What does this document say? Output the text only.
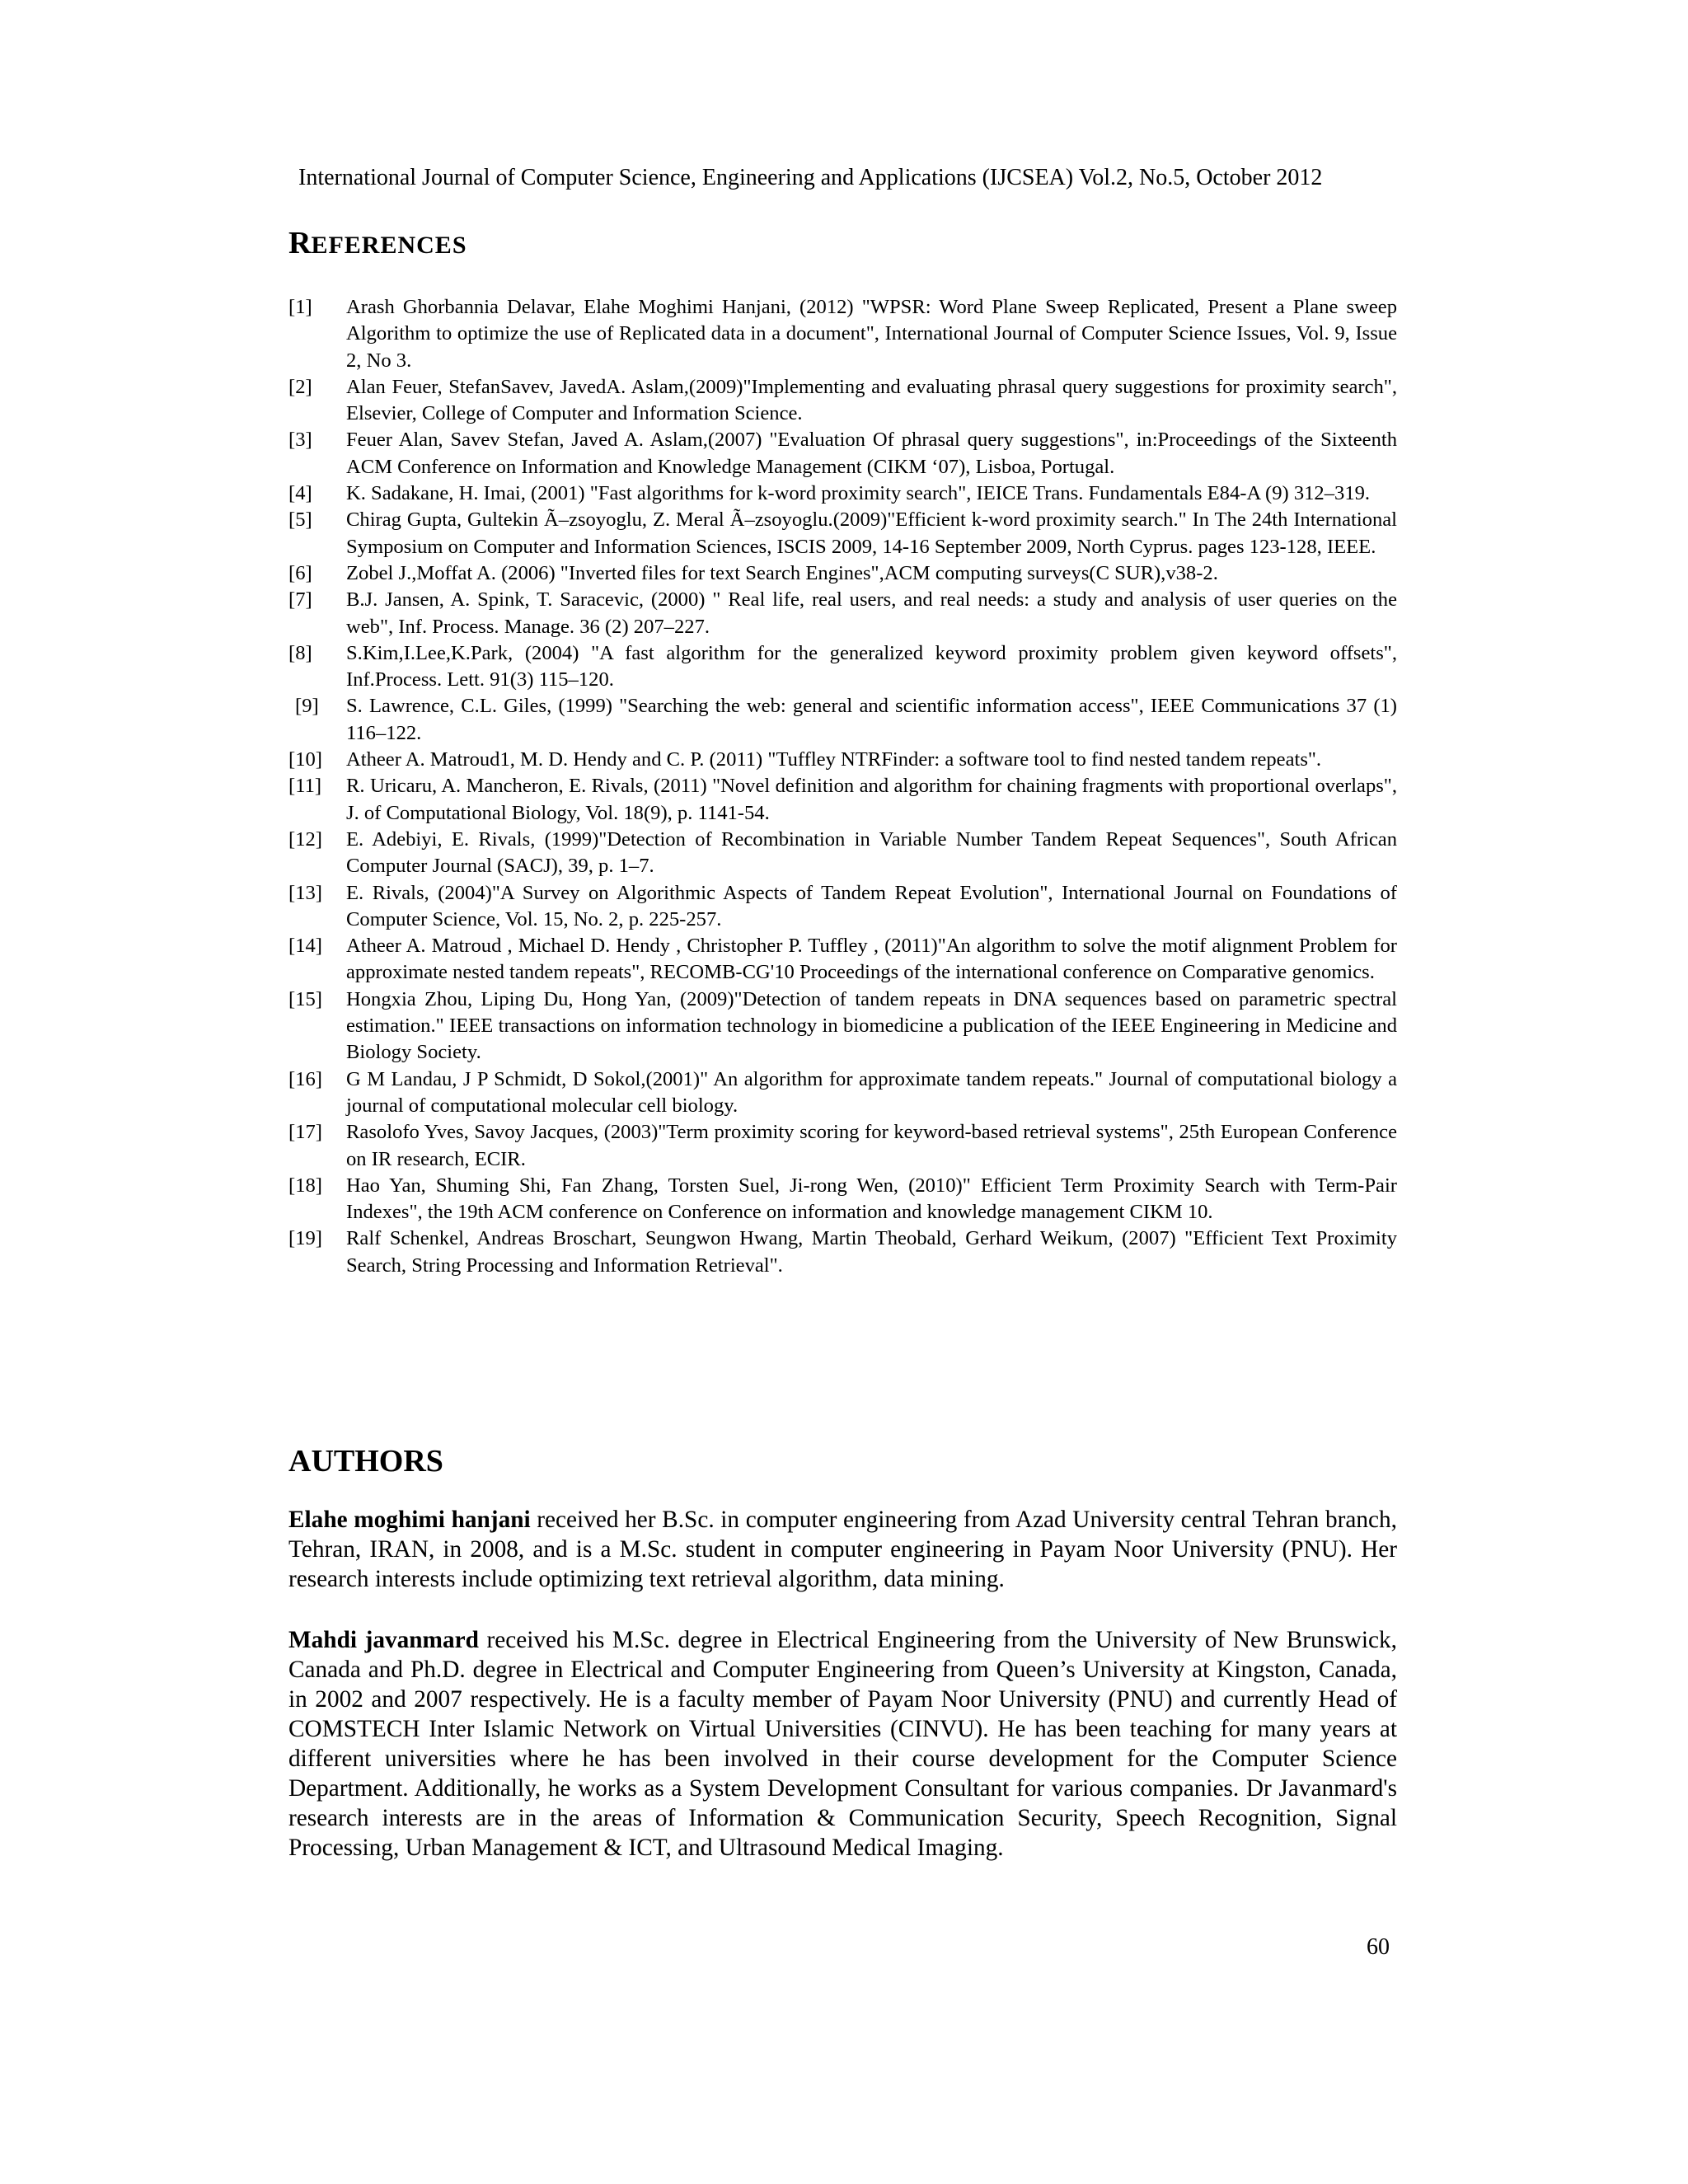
International Journal of Computer Science, Engineering and Applications (IJCSEA) Vol.2, No.5, October 2012
REFERENCES
[1] Arash Ghorbannia Delavar, Elahe Moghimi Hanjani, (2012) "WPSR: Word Plane Sweep Replicated, Present a Plane sweep Algorithm to optimize the use of Replicated data in a document", International Journal of Computer Science Issues, Vol. 9, Issue 2, No 3.
[2] Alan Feuer, StefanSavev, JavedA. Aslam,(2009)"Implementing and evaluating phrasal query suggestions for proximity search", Elsevier, College of Computer and Information Science.
[3] Feuer Alan, Savev Stefan, Javed A. Aslam,(2007) "Evaluation Of phrasal query suggestions", in:Proceedings of the Sixteenth ACM Conference on Information and Knowledge Management (CIKM ‘07), Lisboa, Portugal.
[4] K. Sadakane, H. Imai, (2001) "Fast algorithms for k-word proximity search", IEICE Trans. Fundamentals E84-A (9) 312–319.
[5] Chirag Gupta, Gultekin Ã–zsoyoglu, Z. Meral Ã–zsoyoglu.(2009)"Efficient k-word proximity search." In The 24th International Symposium on Computer and Information Sciences, ISCIS 2009, 14-16 September 2009, North Cyprus. pages 123-128, IEEE.
[6] Zobel J.,Moffat A. (2006) "Inverted files for text Search Engines",ACM computing surveys(C SUR),v38-2.
[7] B.J. Jansen, A. Spink, T. Saracevic, (2000) " Real life, real users, and real needs: a study and analysis of user queries on the web", Inf. Process. Manage. 36 (2) 207–227.
[8] S.Kim,I.Lee,K.Park, (2004) "A fast algorithm for the generalized keyword proximity problem given keyword offsets", Inf.Process. Lett. 91(3) 115–120.
[9] S. Lawrence, C.L. Giles, (1999) "Searching the web: general and scientific information access", IEEE Communications 37 (1) 116–122.
[10] Atheer A. Matroud1, M. D. Hendy and C. P. (2011) "Tuffley NTRFinder: a software tool to find nested tandem repeats".
[11] R. Uricaru, A. Mancheron, E. Rivals, (2011) "Novel definition and algorithm for chaining fragments with proportional overlaps", J. of Computational Biology, Vol. 18(9), p. 1141-54.
[12] E. Adebiyi, E. Rivals, (1999)"Detection of Recombination in Variable Number Tandem Repeat Sequences", South African Computer Journal (SACJ), 39, p. 1–7.
[13] E. Rivals, (2004)"A Survey on Algorithmic Aspects of Tandem Repeat Evolution", International Journal on Foundations of Computer Science, Vol. 15, No. 2, p. 225-257.
[14] Atheer A. Matroud , Michael D. Hendy , Christopher P. Tuffley , (2011)"An algorithm to solve the motif alignment Problem for approximate nested tandem repeats", RECOMB-CG'10 Proceedings of the international conference on Comparative genomics.
[15] Hongxia Zhou, Liping Du, Hong Yan, (2009)"Detection of tandem repeats in DNA sequences based on parametric spectral estimation." IEEE transactions on information technology in biomedicine a publication of the IEEE Engineering in Medicine and Biology Society.
[16] G M Landau, J P Schmidt, D Sokol,(2001)" An algorithm for approximate tandem repeats." Journal of computational biology a journal of computational molecular cell biology.
[17] Rasolofo Yves, Savoy Jacques, (2003)"Term proximity scoring for keyword-based retrieval systems", 25th European Conference on IR research, ECIR.
[18] Hao Yan, Shuming Shi, Fan Zhang, Torsten Suel, Ji-rong Wen, (2010)" Efficient Term Proximity Search with Term-Pair Indexes", the 19th ACM conference on Conference on information and knowledge management CIKM 10.
[19] Ralf Schenkel, Andreas Broschart, Seungwon Hwang, Martin Theobald, Gerhard Weikum, (2007) "Efficient Text Proximity Search, String Processing and Information Retrieval".
AUTHORS

Elahe moghimi hanjani received her B.Sc. in computer engineering from Azad University central Tehran branch, Tehran, IRAN, in 2008, and is a M.Sc. student in computer engineering in Payam Noor University (PNU). Her research interests include optimizing text retrieval algorithm, data mining.

Mahdi javanmard received his M.Sc. degree in Electrical Engineering from the University of New Brunswick, Canada and Ph.D. degree in Electrical and Computer Engineering from Queen’s University at Kingston, Canada, in 2002 and 2007 respectively. He is a faculty member of Payam Noor University (PNU) and currently Head of COMSTECH Inter Islamic Network on Virtual Universities (CINVU). He has been teaching for many years at different universities where he has been involved in their course development for the Computer Science Department. Additionally, he works as a System Development Consultant for various companies. Dr Javanmard's research interests are in the areas of Information & Communication Security, Speech Recognition, Signal Processing, Urban Management & ICT, and Ultrasound Medical Imaging.

60
